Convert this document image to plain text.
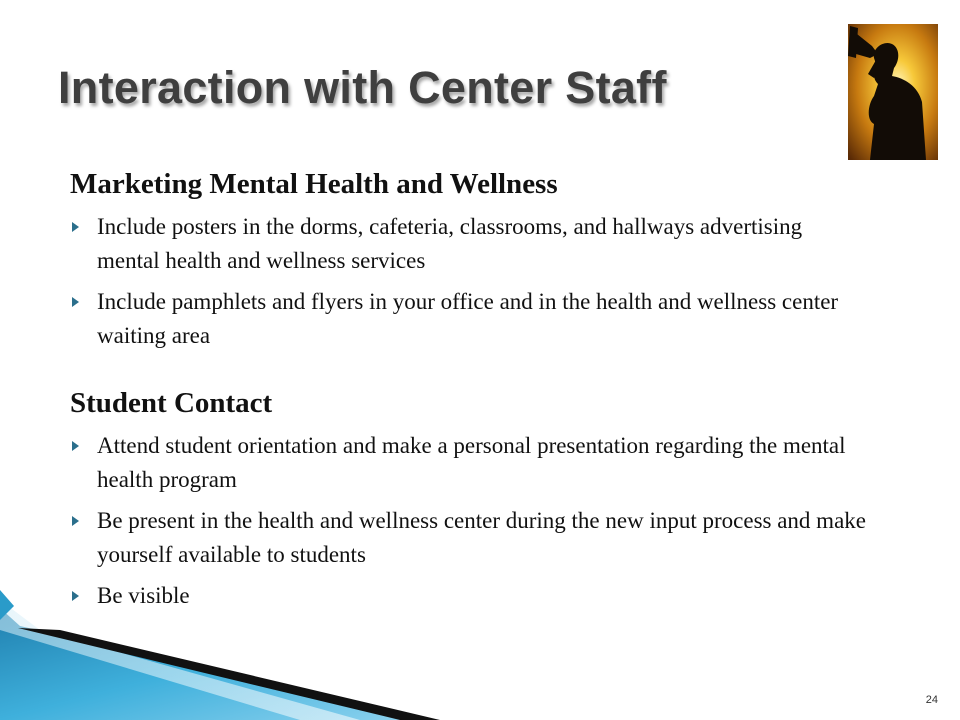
Interaction with Center Staff
Marketing Mental Health and Wellness
Include posters in the dorms, cafeteria, classrooms, and hallways advertising mental health and wellness services
Include pamphlets and flyers in your office and in the health and wellness center waiting area
Student Contact
Attend student orientation and make a personal presentation regarding the mental health program
Be present in the health and wellness center during the new input process and make yourself available to students
Be visible
24
